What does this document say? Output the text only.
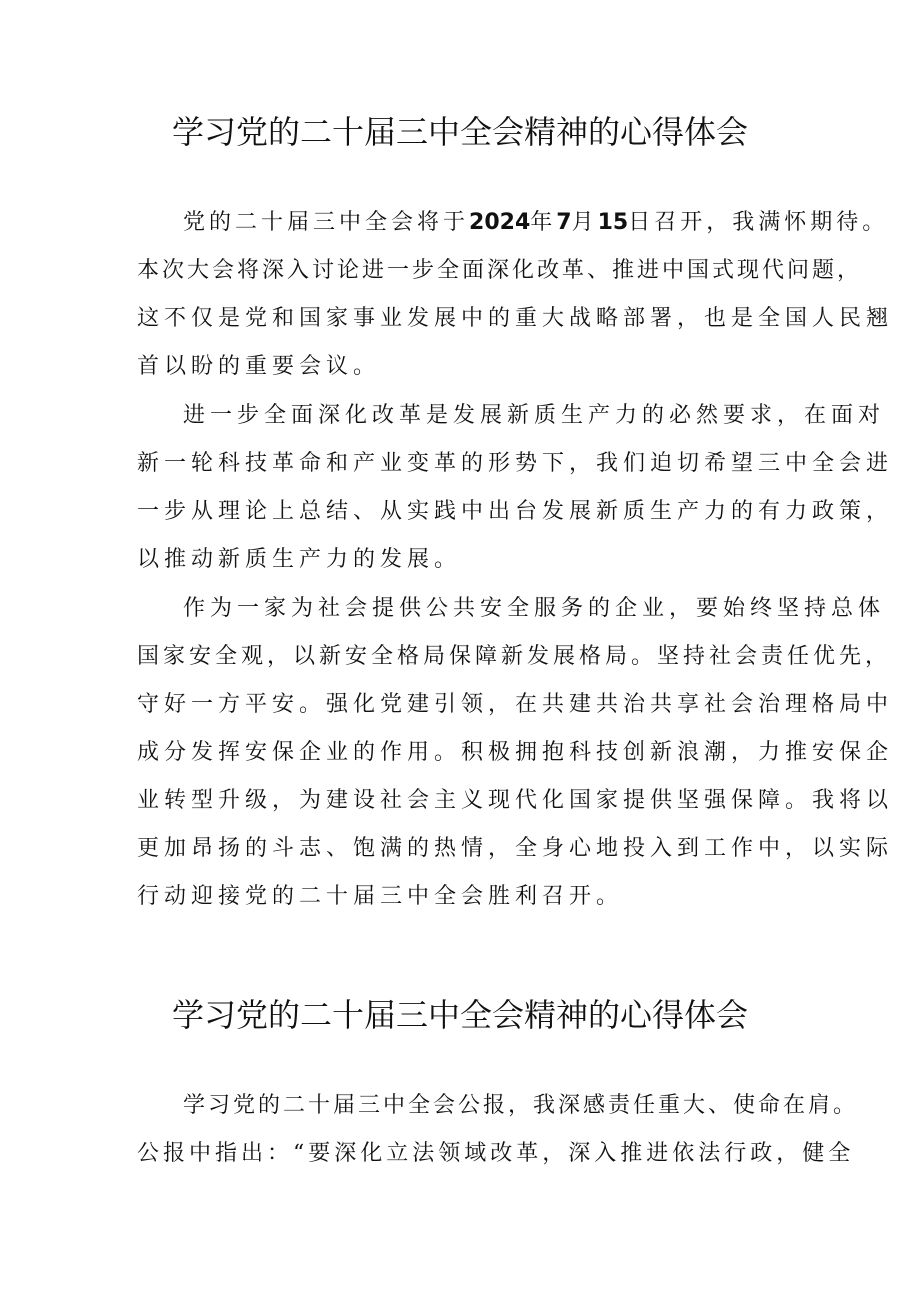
学习党的二十届三中全会精神的心得体会
党的二十届三中全会将于2024年7月15日召开，我满怀期待。
本次大会将深入讨论进一步全面深化改革、推进中国式现代问题，
这不仅是党和国家事业发展中的重大战略部署，也是全国人民翘
首以盼的重要会议。
进一步全面深化改革是发展新质生产力的必然要求，在面对
新一轮科技革命和产业变革的形势下，我们迫切希望三中全会进
一步从理论上总结、从实践中出台发展新质生产力的有力政策，
以推动新质生产力的发展。
作为一家为社会提供公共安全服务的企业，要始终坚持总体
国家安全观，以新安全格局保障新发展格局。坚持社会责任优先，
守好一方平安。强化党建引领，在共建共治共享社会治理格局中
成分发挥安保企业的作用。积极拥抱科技创新浪潮，力推安保企
业转型升级，为建设社会主义现代化国家提供坚强保障。我将以
更加昂扬的斗志、饱满的热情，全身心地投入到工作中，以实际
行动迎接党的二十届三中全会胜利召开。
学习党的二十届三中全会精神的心得体会
学习党的二十届三中全会公报，我深感责任重大、使命在肩。
公报中指出：“要深化立法领域改革，深入推进依法行政，健全
